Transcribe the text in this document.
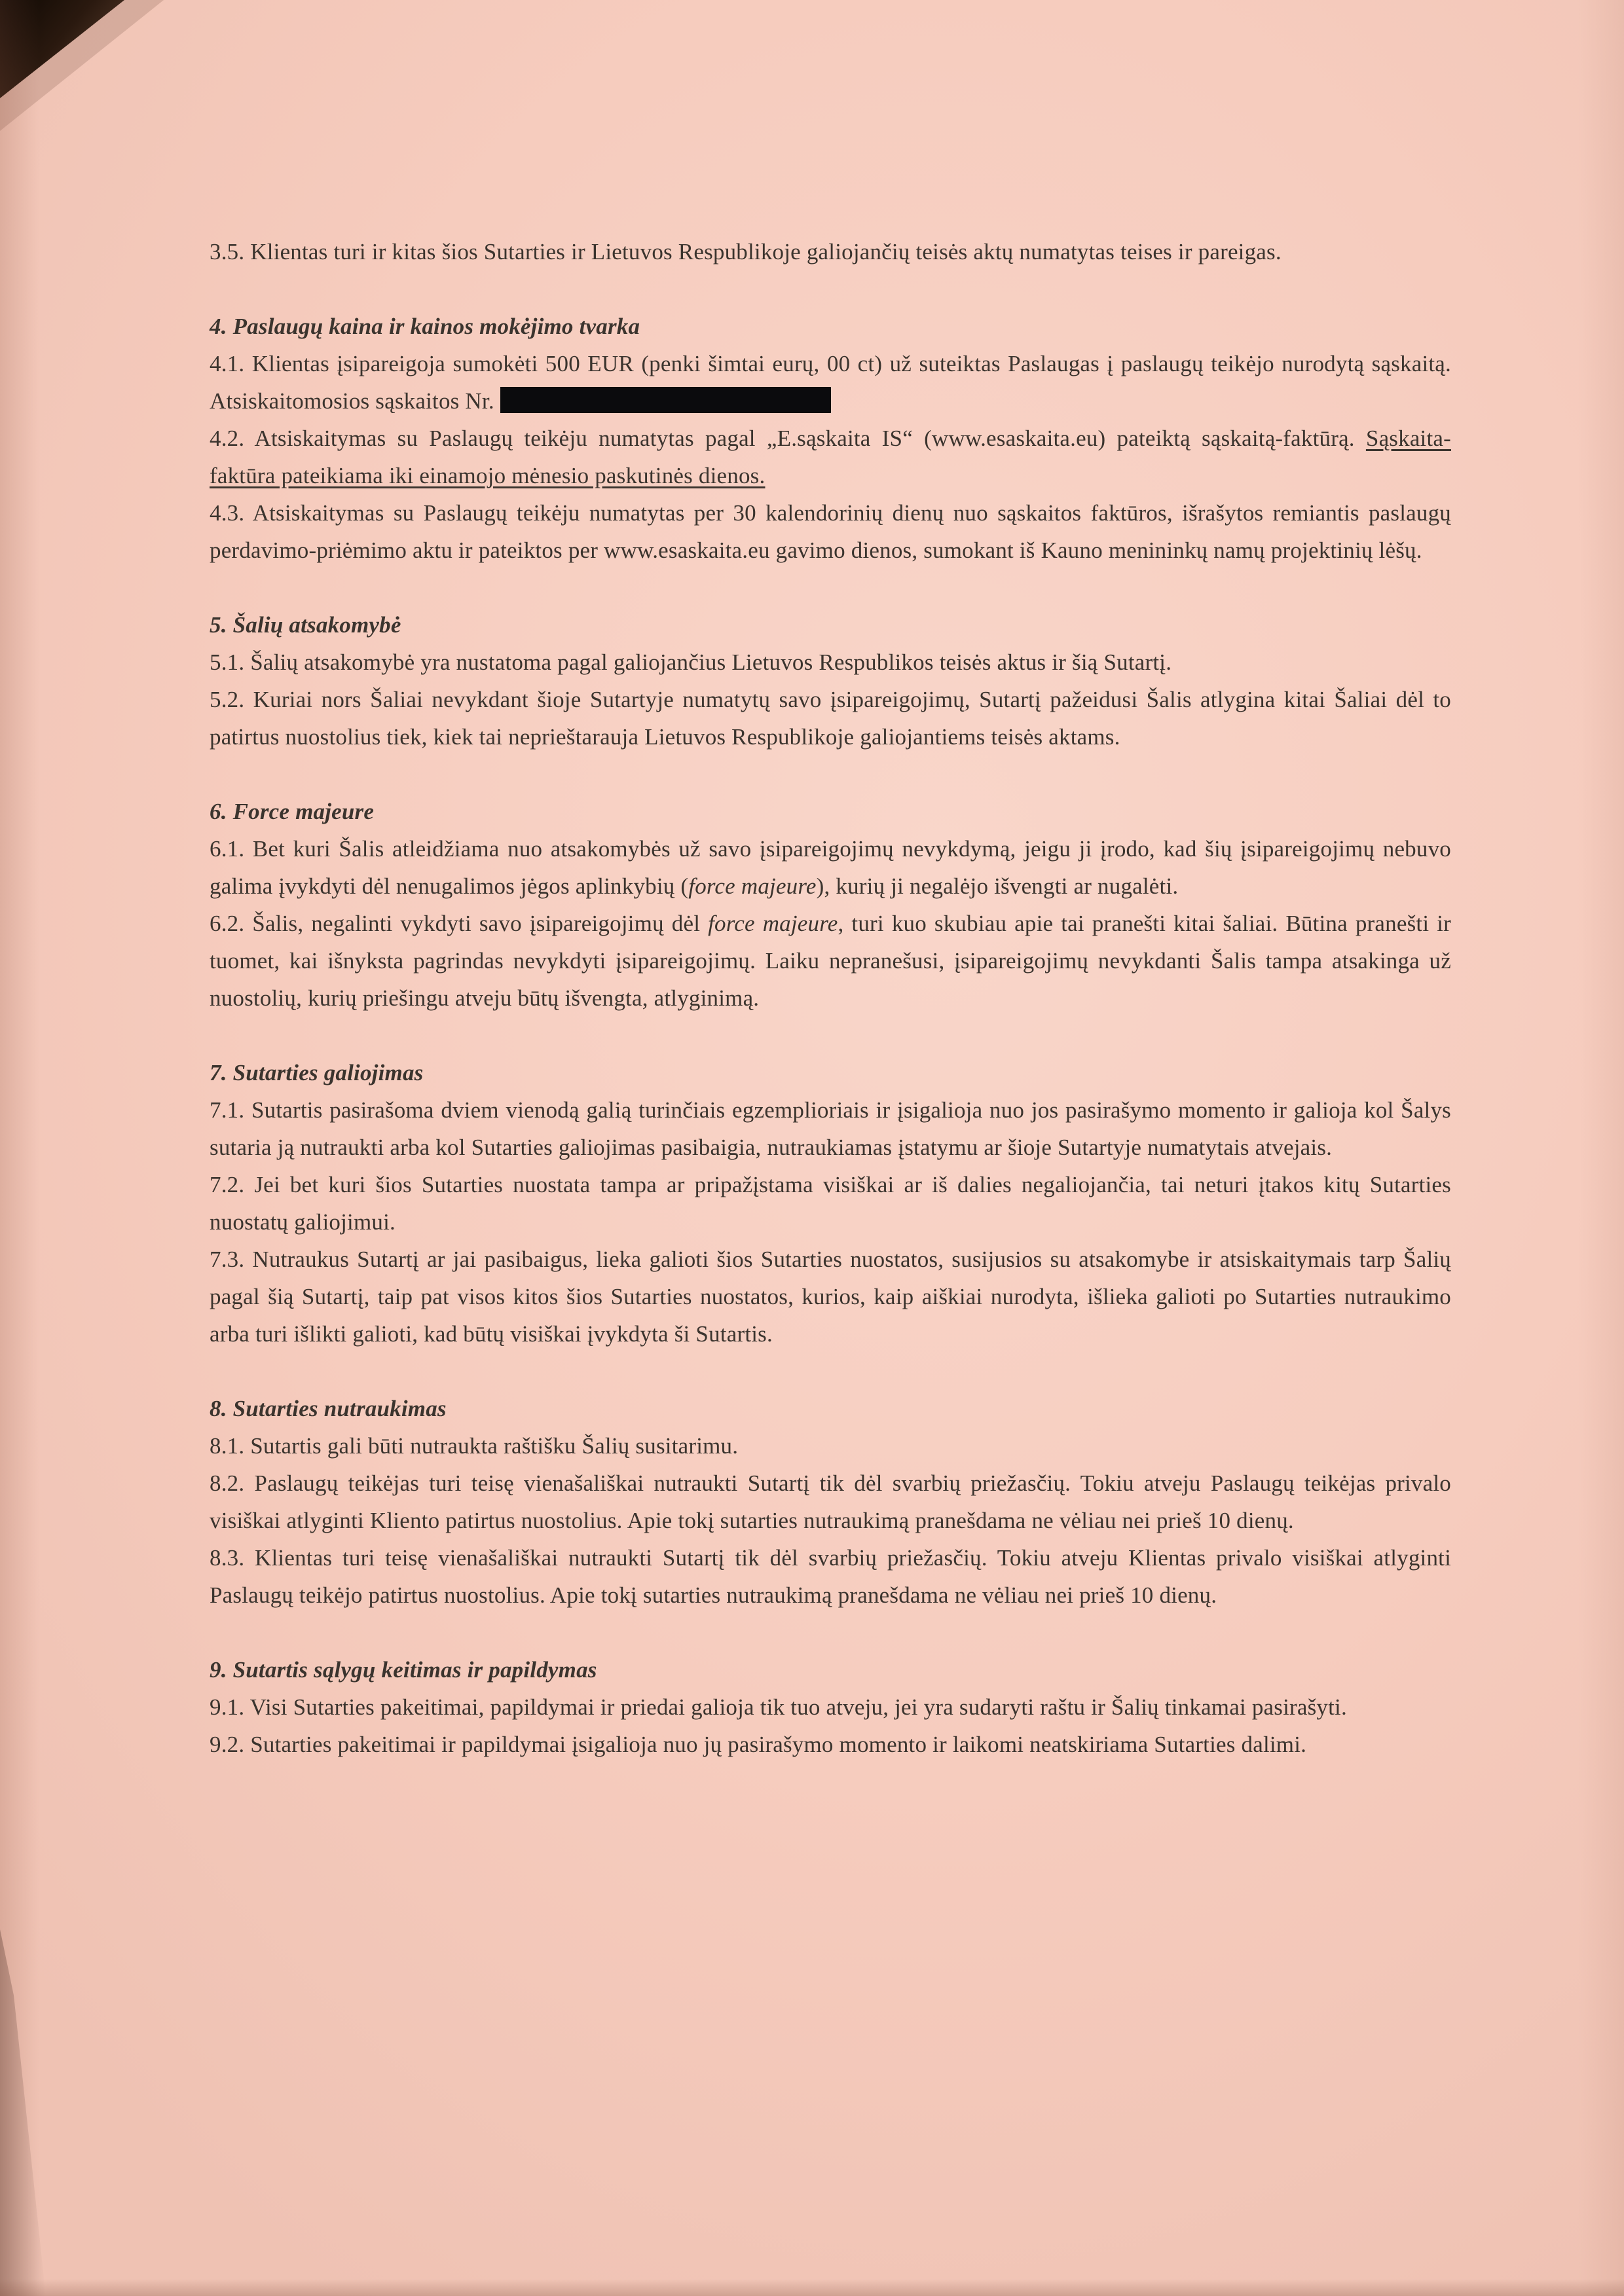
3.5. Klientas turi ir kitas šios Sutarties ir Lietuvos Respublikoje galiojančių teisės aktų numatytas teises ir pareigas.

4. Paslaugų kaina ir kainos mokėjimo tvarka

4.1. Klientas įsipareigoja sumokėti 500 EUR (penki šimtai eurų, 00 ct) už suteiktas Paslaugas į paslaugų teikėjo nurodytą sąskaitą. Atsiskaitomosios sąskaitos Nr.

4.2. Atsiskaitymas su Paslaugų teikėju numatytas pagal „E.sąskaita IS“ (www.esaskaita.eu) pateiktą sąskaitą-faktūrą. Sąskaita-faktūra pateikiama iki einamojo mėnesio paskutinės dienos.

4.3. Atsiskaitymas su Paslaugų teikėju numatytas per 30 kalendorinių dienų nuo sąskaitos faktūros, išrašytos remiantis paslaugų perdavimo-priėmimo aktu ir pateiktos per www.esaskaita.eu gavimo dienos, sumokant iš Kauno menininkų namų projektinių lėšų.

5. Šalių atsakomybė

5.1. Šalių atsakomybė yra nustatoma pagal galiojančius Lietuvos Respublikos teisės aktus ir šią Sutartį.

5.2. Kuriai nors Šaliai nevykdant šioje Sutartyje numatytų savo įsipareigojimų, Sutartį pažeidusi Šalis atlygina kitai Šaliai dėl to patirtus nuostolius tiek, kiek tai neprieštarauja Lietuvos Respublikoje galiojantiems teisės aktams.

6. Force majeure

6.1. Bet kuri Šalis atleidžiama nuo atsakomybės už savo įsipareigojimų nevykdymą, jeigu ji įrodo, kad šių įsipareigojimų nebuvo galima įvykdyti dėl nenugalimos jėgos aplinkybių (force majeure), kurių ji negalėjo išvengti ar nugalėti.

6.2. Šalis, negalinti vykdyti savo įsipareigojimų dėl force majeure, turi kuo skubiau apie tai pranešti kitai šaliai. Būtina pranešti ir tuomet, kai išnyksta pagrindas nevykdyti įsipareigojimų. Laiku nepranešusi, įsipareigojimų nevykdanti Šalis tampa atsakinga už nuostolių, kurių priešingu atveju būtų išvengta, atlyginimą.

7. Sutarties galiojimas

7.1. Sutartis pasirašoma dviem vienodą galią turinčiais egzemplioriais ir įsigalioja nuo jos pasirašymo momento ir galioja kol Šalys sutaria ją nutraukti arba kol Sutarties galiojimas pasibaigia, nutraukiamas įstatymu ar šioje Sutartyje numatytais atvejais.

7.2. Jei bet kuri šios Sutarties nuostata tampa ar pripažįstama visiškai ar iš dalies negaliojančia, tai neturi įtakos kitų Sutarties nuostatų galiojimui.

7.3. Nutraukus Sutartį ar jai pasibaigus, lieka galioti šios Sutarties nuostatos, susijusios su atsakomybe ir atsiskaitymais tarp Šalių pagal šią Sutartį, taip pat visos kitos šios Sutarties nuostatos, kurios, kaip aiškiai nurodyta, išlieka galioti po Sutarties nutraukimo arba turi išlikti galioti, kad būtų visiškai įvykdyta ši Sutartis.

8. Sutarties nutraukimas

8.1. Sutartis gali būti nutraukta raštišku Šalių susitarimu.

8.2. Paslaugų teikėjas turi teisę vienašališkai nutraukti Sutartį tik dėl svarbių priežasčių. Tokiu atveju Paslaugų teikėjas privalo visiškai atlyginti Kliento patirtus nuostolius. Apie tokį sutarties nutraukimą pranešdama ne vėliau nei prieš 10 dienų.

8.3. Klientas turi teisę vienašališkai nutraukti Sutartį tik dėl svarbių priežasčių. Tokiu atveju Klientas privalo visiškai atlyginti Paslaugų teikėjo patirtus nuostolius. Apie tokį sutarties nutraukimą pranešdama ne vėliau nei prieš 10 dienų.

9. Sutartis sąlygų keitimas ir papildymas

9.1. Visi Sutarties pakeitimai, papildymai ir priedai galioja tik tuo atveju, jei yra sudaryti raštu ir Šalių tinkamai pasirašyti.

9.2. Sutarties pakeitimai ir papildymai įsigalioja nuo jų pasirašymo momento ir laikomi neatskiriama Sutarties dalimi.
